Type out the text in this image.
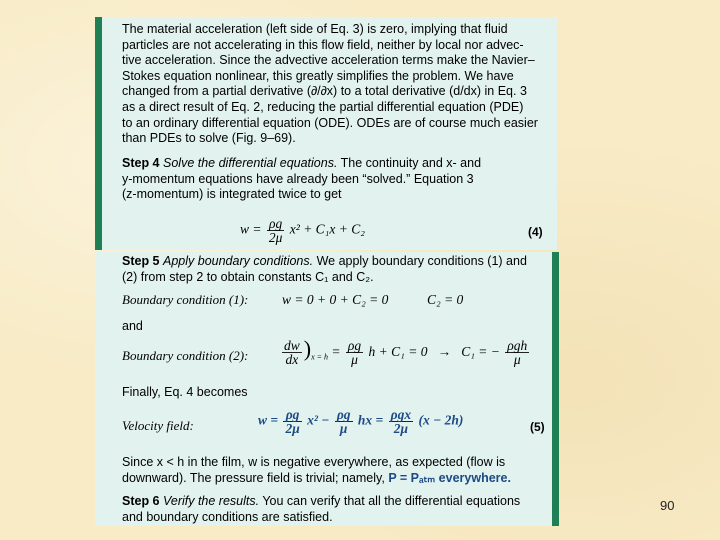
The material acceleration (left side of Eq. 3) is zero, implying that fluid
particles are not accelerating in this flow field, neither by local nor advec-
tive acceleration. Since the advective acceleration terms make the Navier–
Stokes equation nonlinear, this greatly simplifies the problem. We have
changed from a partial derivative (∂/∂x) to a total derivative (d/dx) in Eq. 3
as a direct result of Eq. 2, reducing the partial differential equation (PDE)
to an ordinary differential equation (ODE). ODEs are of course much easier
than PDEs to solve (Fig. 9–69).

Step 4 Solve the differential equations. The continuity and x- and
y-momentum equations have already been “solved.” Equation 3
(z-momentum) is integrated twice to get

$w = \frac{\rho g}{2\mu} x^2 + C_1x + C_2$	(4)

Step 5 Apply boundary conditions. We apply boundary conditions (1) and
(2) from step 2 to obtain constants C₁ and C₂.

Boundary condition (1): w = 0 + 0 + C₂ = 0	C₂ = 0
and
Boundary condition (2): $\frac{dw}{dx} )_{x = h} = \frac{\rho g}{\mu}$ h + C₁ = 0   →   C₁ = − $\frac{\text{ρgh}}{\mu}$
Finally, Eq. 4 becomes
Velocity field:	$w = \frac{\rho g}{2\mu} x^2 - \frac{\rho g}{\mu}$ hx = $\frac{\text{ρgx}}{2\mu} (x - 2h)$	(5)

Since x < h in the film, w is negative everywhere, as expected (flow is
downward). The pressure field is trivial; namely, P = Pₐₜₘ everywhere.

Step 6 Verify the results. You can verify that all the differential equations
and boundary conditions are satisfied.

90
